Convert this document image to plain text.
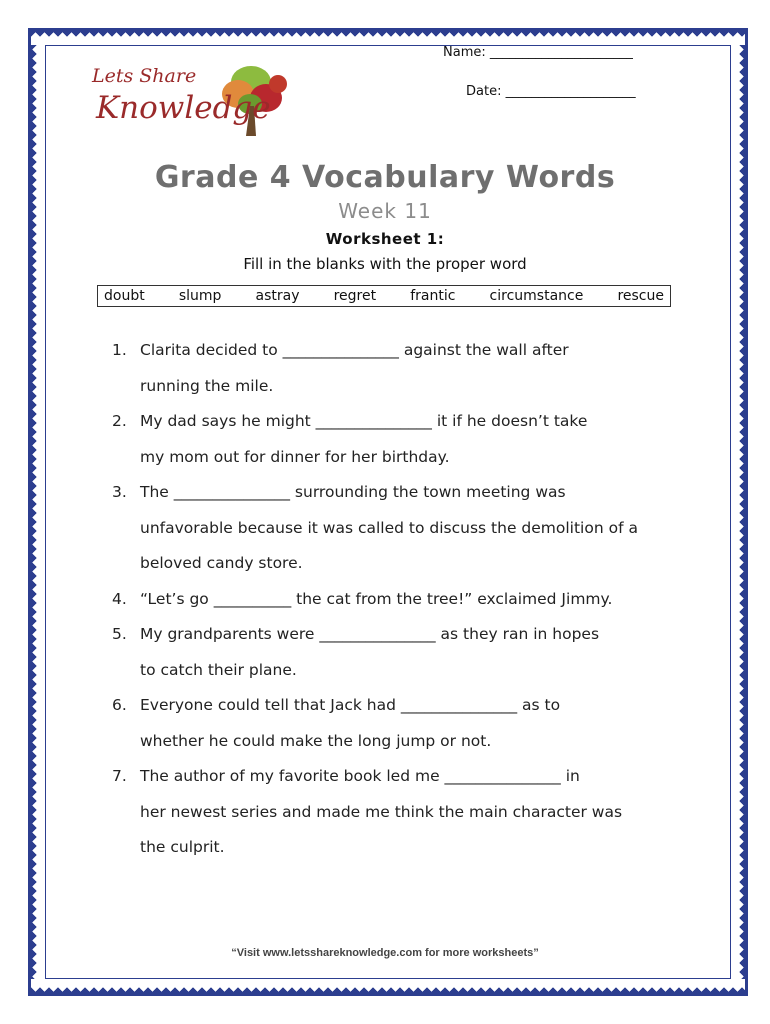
Name: ______________________
Date: ____________________
Lets Share
Knowledge
Grade 4 Vocabulary Words
Week 11
Worksheet 1:
Fill in the blanks with the proper word
doubt slump astray regret frantic circumstance rescue
1. Clarita decided to _______________ against the wall after
running the mile.
2. My dad says he might _______________ it if he doesn’t take
my mom out for dinner for her birthday.
3. The _______________ surrounding the town meeting was
unfavorable because it was called to discuss the demolition of a
beloved candy store.
4. “Let’s go __________ the cat from the tree!” exclaimed Jimmy.
5. My grandparents were _______________ as they ran in hopes
to catch their plane.
6. Everyone could tell that Jack had _______________ as to
whether he could make the long jump or not.
7. The author of my favorite book led me _______________ in
her newest series and made me think the main character was
the culprit.
“Visit www.letsshareknowledge.com for more worksheets”
